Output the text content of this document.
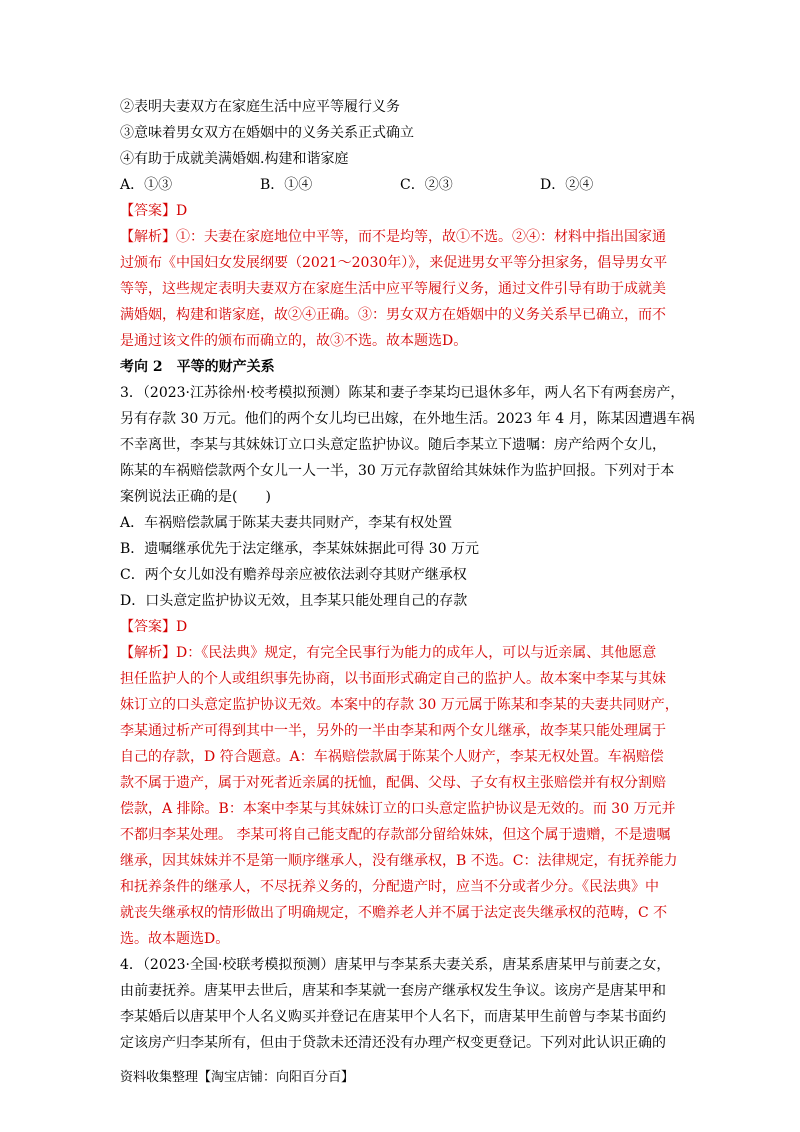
②表明夫妻双方在家庭生活中应平等履行义务
③意味着男女双方在婚姻中的义务关系正式确立
④有助于成就美满婚姻.构建和谐家庭
A．①③	B．①④	C．②③	D．②④
【答案】D
【解析】①：夫妻在家庭地位中平等，而不是均等，故①不选。②④：材料中指出国家通
过颁布《中国妇女发展纲要（2021～2030年）》，来促进男女平等分担家务，倡导男女平
等等，这些规定表明夫妻双方在家庭生活中应平等履行义务，通过文件引导有助于成就美
满婚姻，构建和谐家庭，故②④正确。③：男女双方在婚姻中的义务关系早已确立，而不
是通过该文件的颁布而确立的，故③不选。故本题选D。
考向 2　平等的财产关系
3．（2023·江苏徐州·校考模拟预测）陈某和妻子李某均已退休多年，两人名下有两套房产，
另有存款 30 万元。他们的两个女儿均已出嫁，在外地生活。2023 年 4 月，陈某因遭遇车祸
不幸离世，李某与其妹妹订立口头意定监护协议。随后李某立下遗嘱：房产给两个女儿，
陈某的车祸赔偿款两个女儿一人一半，30 万元存款留给其妹妹作为监护回报。下列对于本
案例说法正确的是(　　)
A．车祸赔偿款属于陈某夫妻共同财产，李某有权处置
B．遗嘱继承优先于法定继承，李某妹妹据此可得 30 万元
C．两个女儿如没有赡养母亲应被依法剥夺其财产继承权
D．口头意定监护协议无效，且李某只能处理自己的存款
【答案】D
【解析】D：《民法典》规定，有完全民事行为能力的成年人，可以与近亲属、其他愿意
担任监护人的个人或组织事先协商，以书面形式确定自己的监护人。故本案中李某与其妹
妹订立的口头意定监护协议无效。本案中的存款 30 万元属于陈某和李某的夫妻共同财产，
李某通过析产可得到其中一半，另外的一半由李某和两个女儿继承，故李某只能处理属于
自己的存款，D 符合题意。A：车祸赔偿款属于陈某个人财产，李某无权处置。车祸赔偿
款不属于遗产，属于对死者近亲属的抚恤，配偶、父母、子女有权主张赔偿并有权分割赔
偿款，A 排除。B：本案中李某与其妹妹订立的口头意定监护协议是无效的。而 30 万元并
不都归李某处理。 李某可将自己能支配的存款部分留给妹妹，但这个属于遗赠，不是遗嘱
继承，因其妹妹并不是第一顺序继承人，没有继承权，B 不选。C：法律规定，有抚养能力
和抚养条件的继承人，不尽抚养义务的，分配遗产时，应当不分或者少分。《民法典》中
就丧失继承权的情形做出了明确规定，不赡养老人并不属于法定丧失继承权的范畴，C 不
选。故本题选D。
4．（2023·全国·校联考模拟预测）唐某甲与李某系夫妻关系，唐某系唐某甲与前妻之女，
由前妻抚养。唐某甲去世后，唐某和李某就一套房产继承权发生争议。该房产是唐某甲和
李某婚后以唐某甲个人名义购买并登记在唐某甲个人名下，而唐某甲生前曾与李某书面约
定该房产归李某所有，但由于贷款未还清还没有办理产权变更登记。下列对此认识正确的
资料收集整理【淘宝店铺：向阳百分百】
